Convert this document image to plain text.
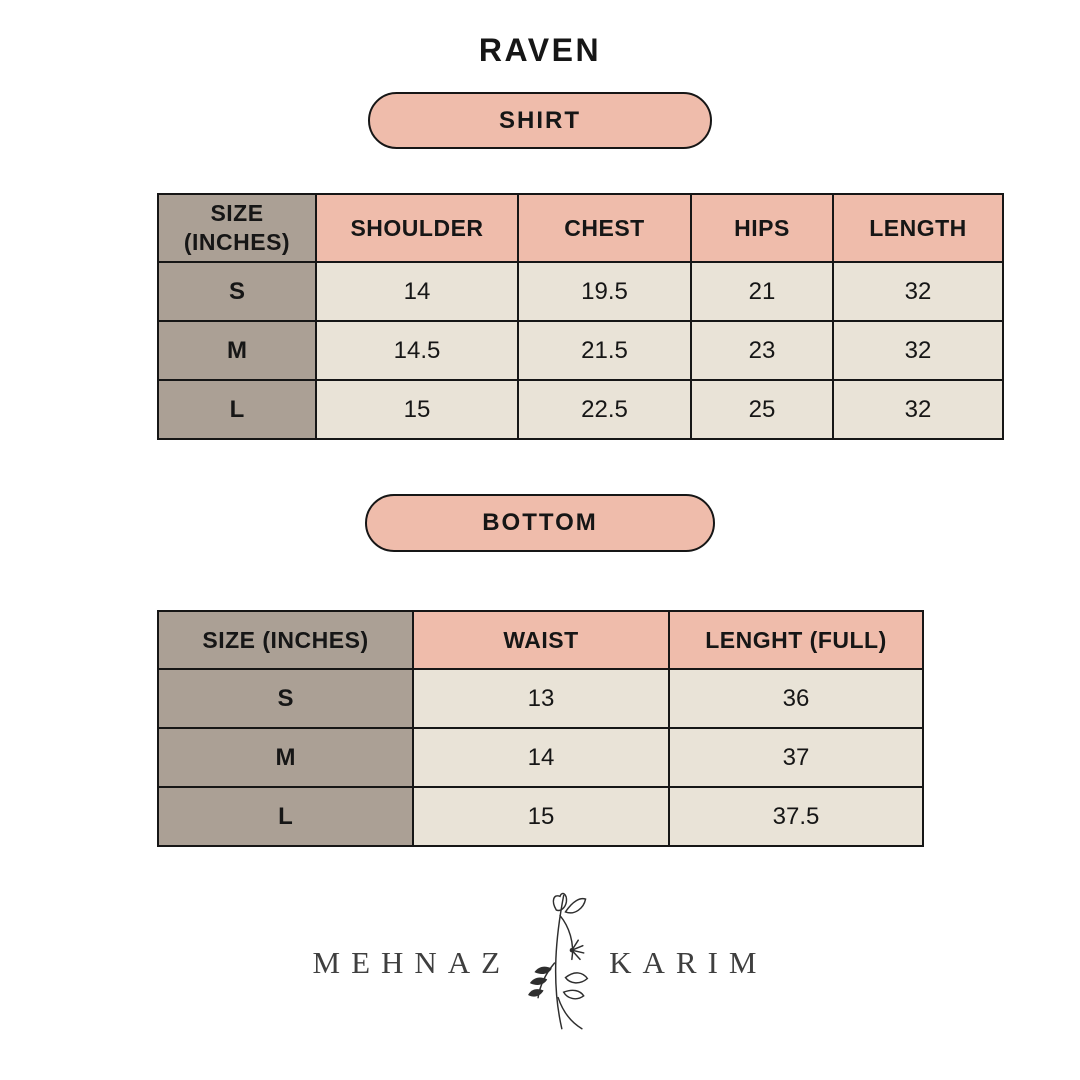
RAVEN
SHIRT
SIZE (INCHES)	SHOULDER	CHEST	HIPS	LENGTH
S	14	19.5	21	32
M	14.5	21.5	23	32
L	15	22.5	25	32
BOTTOM
SIZE (INCHES)	WAIST	LENGHT (FULL)
S	13	36
M	14	37
L	15	37.5
MEHNAZ	KARIM
